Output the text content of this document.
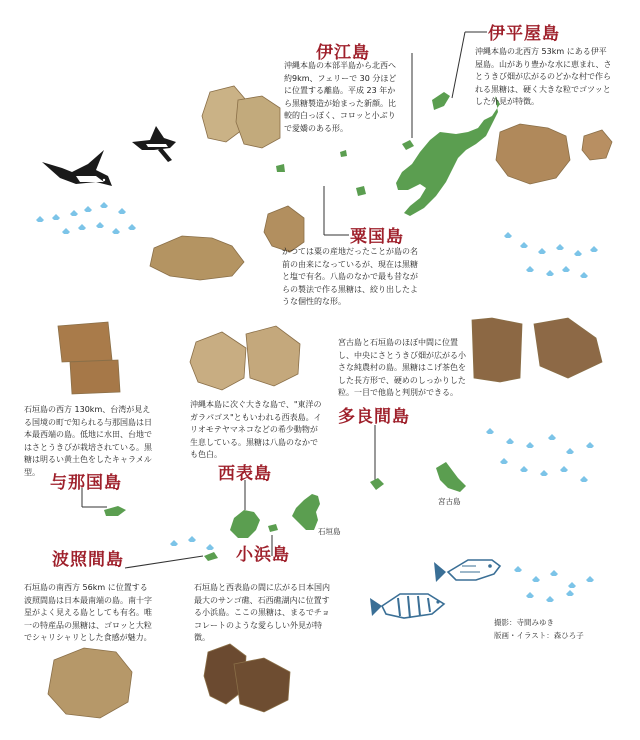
伊平屋島
伊江島
粟国島
多良間島
与那国島	西表島
波照間島	小浜島
沖縄本島の北西方 53km にある伊平屋島。山があり豊かな水に恵まれ、さとうきび畑が広がるのどかな村で作られる黒糖は、硬く大きな粒でゴツッとした外見が特徴。
沖縄本島の本部半島から北西へ約9km、フェリーで 30 分ほどに位置する離島。平成 23 年から黒糖製造が始まった新顔。比較的白っぽく、コロッと小ぶりで愛嬌のある形。
かつては粟の産地だったことが島の名前の由来になっているが、現在は黒糖と塩で有名。八島のなかで最も昔ながらの製法で作る黒糖は、絞り出したような個性的な形。
宮古島と石垣島のほぼ中間に位置し、中央にさとうきび畑が広がる小さな純農村の島。黒糖はこげ茶色をした長方形で、硬めのしっかりした粒。一目で他島と判別ができる。
石垣島の西方 130km、台湾が見える国境の町で知られる与那国島は日本最西端の島。低地に水田、台地ではさとうきびが栽培されている。黒糖は明るい黄土色をしたキャラメル型。
沖縄本島に次ぐ大きな島で、"東洋のガラパゴス"ともいわれる西表島。イリオモテヤマネコなどの希少動物が生息している。黒糖は八島のなかでも色白。
石垣島の南西方 56km に位置する波照間島は日本最南端の島。南十字星がよく見える島としても有名。唯一の特産品の黒糖は、ゴロッと大粒でシャリシャリとした食感が魅力。
石垣島と西表島の間に広がる日本国内最大のサンゴ礁、石西礁湖内に位置する小浜島。ここの黒糖は、まるでチョコレートのような愛らしい外見が特徴。
宮古島
石垣島
撮影：寺間みゆき
版画・イラスト：森ひろ子
